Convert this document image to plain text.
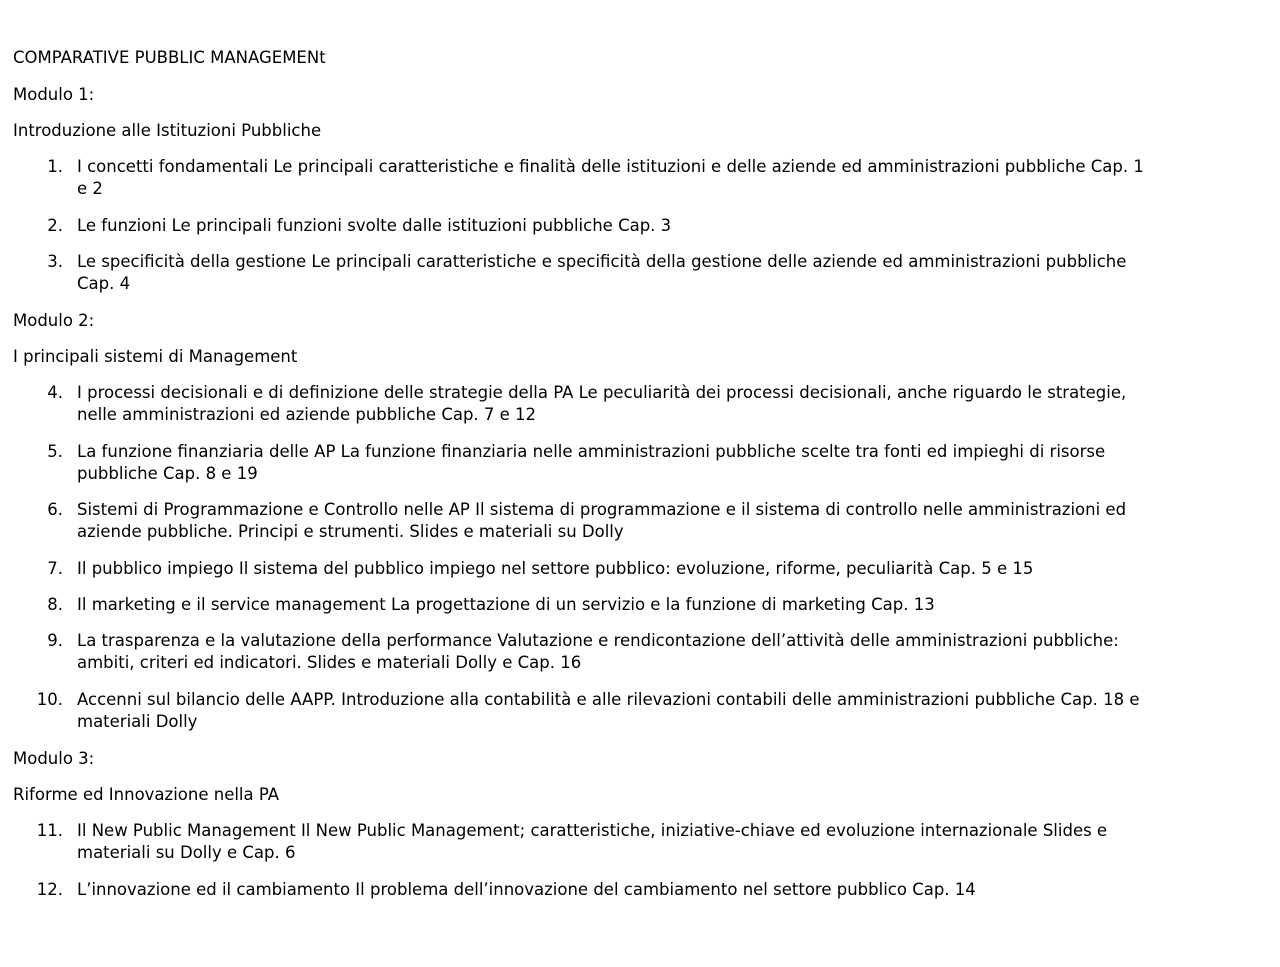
COMPARATIVE PUBBLIC MANAGEMENt
Modulo 1:
Introduzione alle Istituzioni Pubbliche
1. I concetti fondamentali Le principali caratteristiche e finalità delle istituzioni e delle aziende ed amministrazioni pubbliche Cap. 1 e 2
2. Le funzioni Le principali funzioni svolte dalle istituzioni pubbliche Cap. 3
3. Le specificità della gestione Le principali caratteristiche e specificità della gestione delle aziende ed amministrazioni pubbliche Cap. 4
Modulo 2:
I principali sistemi di Management
4. I processi decisionali e di definizione delle strategie della PA Le peculiarità dei processi decisionali, anche riguardo le strategie, nelle amministrazioni ed aziende pubbliche Cap. 7 e 12
5. La funzione finanziaria delle AP La funzione finanziaria nelle amministrazioni pubbliche scelte tra fonti ed impieghi di risorse pubbliche Cap. 8 e 19
6. Sistemi di Programmazione e Controllo nelle AP Il sistema di programmazione e il sistema di controllo nelle amministrazioni ed aziende pubbliche. Principi e strumenti. Slides e materiali su Dolly
7. Il pubblico impiego Il sistema del pubblico impiego nel settore pubblico: evoluzione, riforme, peculiarità Cap. 5 e 15
8. Il marketing e il service management La progettazione di un servizio e la funzione di marketing Cap. 13
9. La trasparenza e la valutazione della performance Valutazione e rendicontazione dell’attività delle amministrazioni pubbliche: ambiti, criteri ed indicatori. Slides e materiali Dolly e Cap. 16
10. Accenni sul bilancio delle AAPP. Introduzione alla contabilità e alle rilevazioni contabili delle amministrazioni pubbliche Cap. 18 e materiali Dolly
Modulo 3:
Riforme ed Innovazione nella PA
11. Il New Public Management Il New Public Management; caratteristiche, iniziative-chiave ed evoluzione internazionale Slides e materiali su Dolly e Cap. 6
12. L’innovazione ed il cambiamento Il problema dell’innovazione del cambiamento nel settore pubblico Cap. 14
